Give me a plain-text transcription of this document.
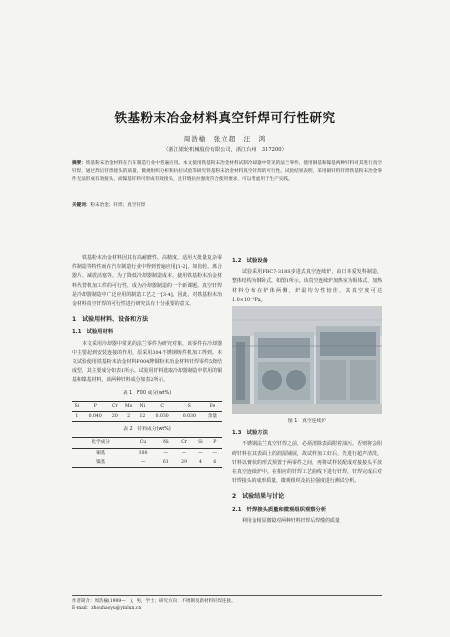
铁基粉末冶金材料真空钎焊可行性研究
周浩榆　张立超　汪　鸿
（浙江银轮机械股份有限公司，浙江台州　317200）
摘要：铁基粉末冶金材料在汽车制造行业中普遍应用。本文使用铁基粉末冶金材料试制冷却器中常见的法兰零件，使用铜基和镍基两种钎料对其进行真空钎焊，通过焊后钎焊接头的质量、微观组织分析和抗拉试验等研究铁基粉末冶金材料真空钎焊的可行性。试验结果表明，采用铜钎料钎焊铁基粉末冶金零件无法形成有效接头，而镍基钎料可形成有效接头，且钎缝抗拉强度符合使用要求，可以考虑用于生产实践。
关键词：粉末冶金；钎焊；真空钎焊

铁基粉末冶金材料因其有高耐磨性、高精度、适用大批量复杂零件制造等特性而在汽车制造行业中得到普遍应用[1-2]，如齿轮、离合器片、减震活塞等。为了降低冷却器制造成本，使用铁基粉末冶金材料代替机加工件的可行性，成为冷却器制造的一个新课题。真空钎焊是冷却器制造中广泛应用的制造工艺之一[3-4]，因此，对铁基粉末冶金材料真空钎焊的可行性进行研究具有十分重要的意义。

1　试验用材料、设备和方法
1.1　试验用材料

本文采用冷却器中常见的法兰零件为研究对象，该零件在冷却器中主要起到安装连接的作用，原采用304不锈钢铸件机加工得到。本文试验使用铁基粉末冶金材料F004牌铜粉末冶金材料钎焊零件5烧结成型，其主要成分如表1所示。试验用钎料选取冷却器制造中常用的铜基和镍基材料，该两种钎料成分如表2所示。

表 1　F00 成分(wt%)
Si	P	Cr	Mo	Ni	C	S	Fe
1	0.040	20	2	12	0.030	0.030	余量
表 2　钎料成分(wt%)
化学成分	Cu	Ni	Cr	Si	P
铜基	100	—	—	—	—
镍基	—	61	29	4	6
1.2　试验设备

试验采用FBC7-318S步进式真空连续炉，由日本爱发科制造，整体结构为钢卧式，如图1所示。该真空连续炉加热室为钼体式，加热材料分布在炉体两侧，炉温均匀性较佳，其真空度可达1.0×10⁻³Pa。

图 1　真空连续炉
1.3　试验方法

不锈钢法兰真空钎焊之前，必须清除表面附着油污。否则将会阻碍钎料在其表面上的润湿铺展，故试样加工好后，先进行超声清洗。钎料以膏状的形式预置于两零件之间，再将试样装配成对接接头平放在真空连续炉中。在相应的钎焊工艺曲线下进行钎焊，钎焊完成后对钎焊接头的成形质量、微观组织及抗拉强度进行测试分析。

2　试验结果与讨论
2.1　钎焊接头质量和微观组织观察分析

利用金相显微镜对两种钎料钎焊后焊缝的质量

作者简介：周浩榆(1989—　)，男，学士；研究方向：不锈钢及新材料钎焊连接。
E-mail：zhouhaoyu@yinlun.cn
